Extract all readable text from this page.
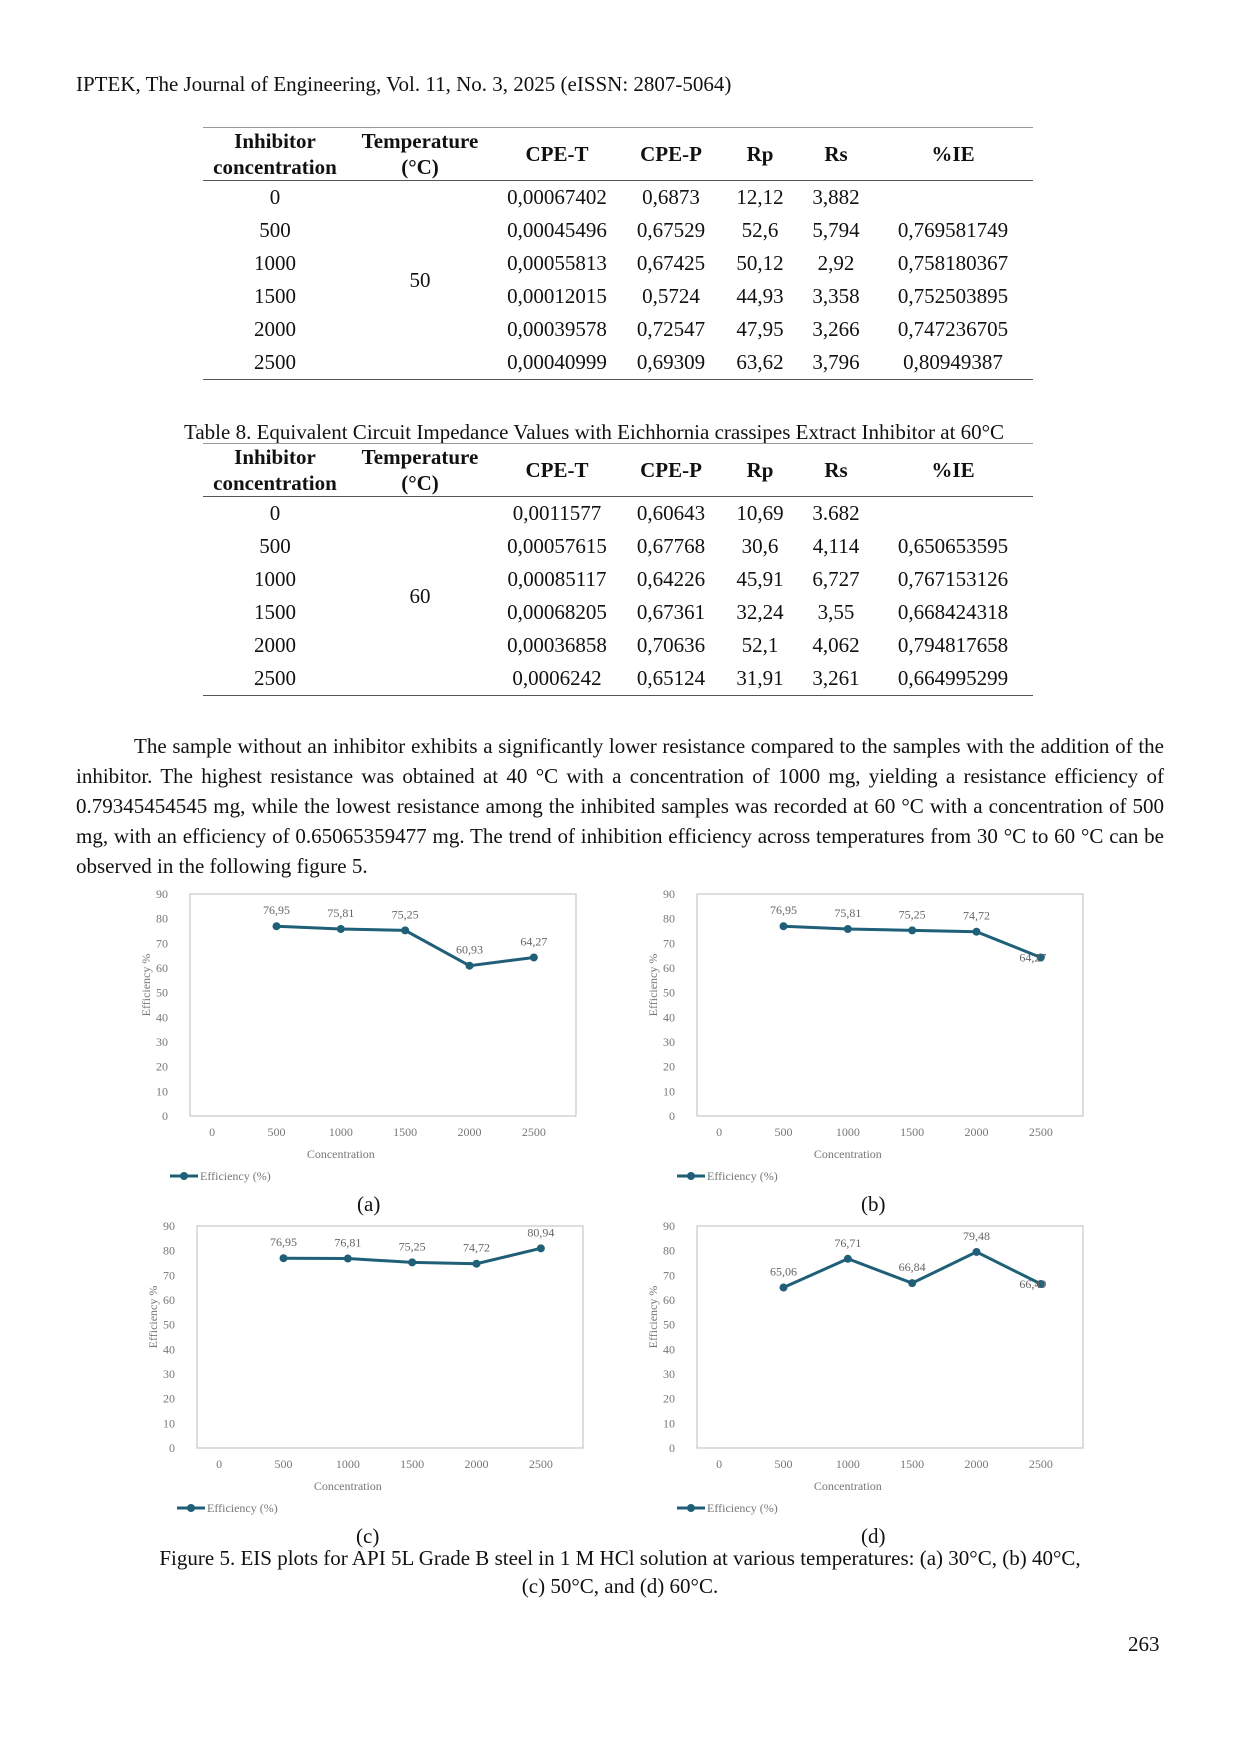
IPTEK, The Journal of Engineering, Vol. 11, No. 3, 2025 (eISSN: 2807-5064)
Inhibitor concentration	Temperature (°C)	CPE-T	CPE-P	Rp	Rs	%IE
0	50	0,00067402	0,6873	12,12	3,882	
500		0,00045496	0,67529	52,6	5,794	0,769581749
1000		0,00055813	0,67425	50,12	2,92	0,758180367
1500		0,00012015	0,5724	44,93	3,358	0,752503895
2000		0,00039578	0,72547	47,95	3,266	0,747236705
2500		0,00040999	0,69309	63,62	3,796	0,80949387
Table 8. Equivalent Circuit Impedance Values with Eichhornia crassipes Extract Inhibitor at 60°C
Inhibitor concentration	Temperature (°C)	CPE-T	CPE-P	Rp	Rs	%IE
0	60	0,0011577	0,60643	10,69	3.682	
500		0,00057615	0,67768	30,6	4,114	0,650653595
1000		0,00085117	0,64226	45,91	6,727	0,767153126
1500		0,00068205	0,67361	32,24	3,55	0,668424318
2000		0,00036858	0,70636	52,1	4,062	0,794817658
2500		0,0006242	0,65124	31,91	3,261	0,664995299

The sample without an inhibitor exhibits a significantly lower resistance compared to the samples with the addition of the inhibitor. The highest resistance was obtained at 40 °C with a concentration of 1000 mg, yielding a resistance efficiency of 0.79345454545 mg, while the lowest resistance among the inhibited samples was recorded at 60 °C with a concentration of 500 mg, with an efficiency of 0.65065359477 mg. The trend of inhibition efficiency across temperatures from 30 °C to 60 °C can be observed in the following figure 5.

0
10
20
30
40
50
60
70
80
90
0	500	1000	1500	2000	2500
Concentration
Efficiency %
76,95	75,81	75,25
60,93
64,27
Efficiency (%)
0
10
20
30
40
50
60
70
80
90
0	500	1000	1500	2000	2500
Concentration
Efficiency %
76,95	75,81	75,25	74,72
64,27
Efficiency (%)
0
10
20
30
40
50
60
70
80
90
0	500	1000	1500	2000	2500
Concentration
Efficiency %
76,95	76,81	75,25	74,72
80,94
Efficiency (%)
0
10
20
30
40
50
60
70
80
90
0	500	1000	1500	2000	2500
Concentration
Efficiency %
65,06
76,71
66,84
79,48
66,49
Efficiency (%)
(a)	(b)
(c)	(d)
Figure 5. EIS plots for API 5L Grade B steel in 1 M HCl solution at various temperatures: (a) 30°C, (b) 40°C,
(c) 50°C, and (d) 60°C.
263
